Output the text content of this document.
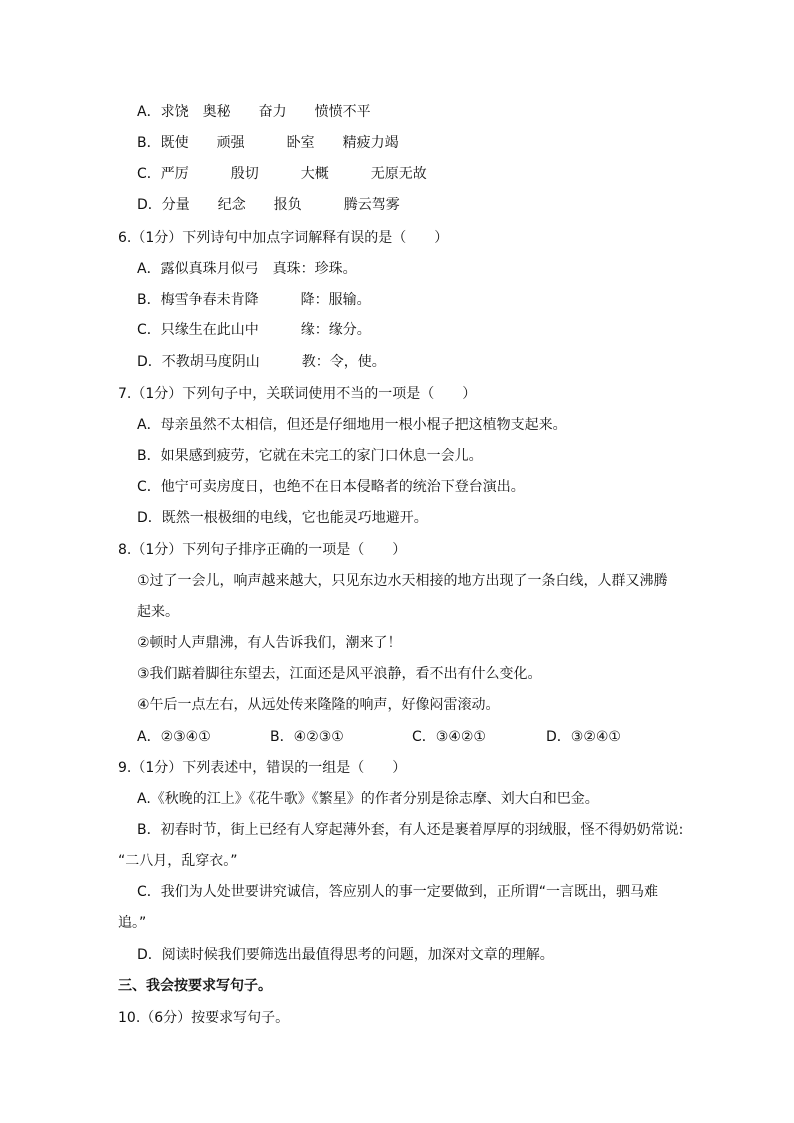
A．求饶　奥秘　　奋力　　愤愤不平
B．既使　　顽强　　　卧室　　精疲力竭
C．严厉　　　殷切　　　大概　　　无原无故
D．分量　　纪念　　报负　　　腾云驾雾
6.（1分）下列诗句中加点字词解释有误的是（　　）
A．露似真珠月似弓　真珠：珍珠。
B．梅雪争春未肯降　　　降：服输。
C．只缘生在此山中　　　缘：缘分。
D．不教胡马度阴山　　　教：令，使。
7.（1分）下列句子中，关联词使用不当的一项是（　　）
A．母亲虽然不太相信，但还是仔细地用一根小棍子把这植物支起来。
B．如果感到疲劳，它就在未完工的家门口休息一会儿。
C．他宁可卖房度日，也绝不在日本侵略者的统治下登台演出。
D．既然一根极细的电线，它也能灵巧地避开。
8.（1分）下列句子排序正确的一项是（　　）
①过了一会儿，响声越来越大，只见东边水天相接的地方出现了一条白线，人群又沸腾
起来。
②顿时人声鼎沸，有人告诉我们，潮来了！
③我们踮着脚往东望去，江面还是风平浪静，看不出有什么变化。
④午后一点左右，从远处传来隆隆的响声，好像闷雷滚动。
A．②③④①	B．④②③①	C．③④②①	D．③②④①
9.（1分）下列表述中，错误的一组是（　　）
A.《秋晚的江上》《花牛歌》《繁星》的作者分别是徐志摩、刘大白和巴金。
B．初春时节，街上已经有人穿起薄外套，有人还是裹着厚厚的羽绒服，怪不得奶奶常说:
“二八月，乱穿衣。”
C．我们为人处世要讲究诚信，答应别人的事一定要做到，正所谓“一言既出，驷马难
追。”
D．阅读时候我们要筛选出最值得思考的问题，加深对文章的理解。
三、我会按要求写句子。
10.（6分）按要求写句子。
